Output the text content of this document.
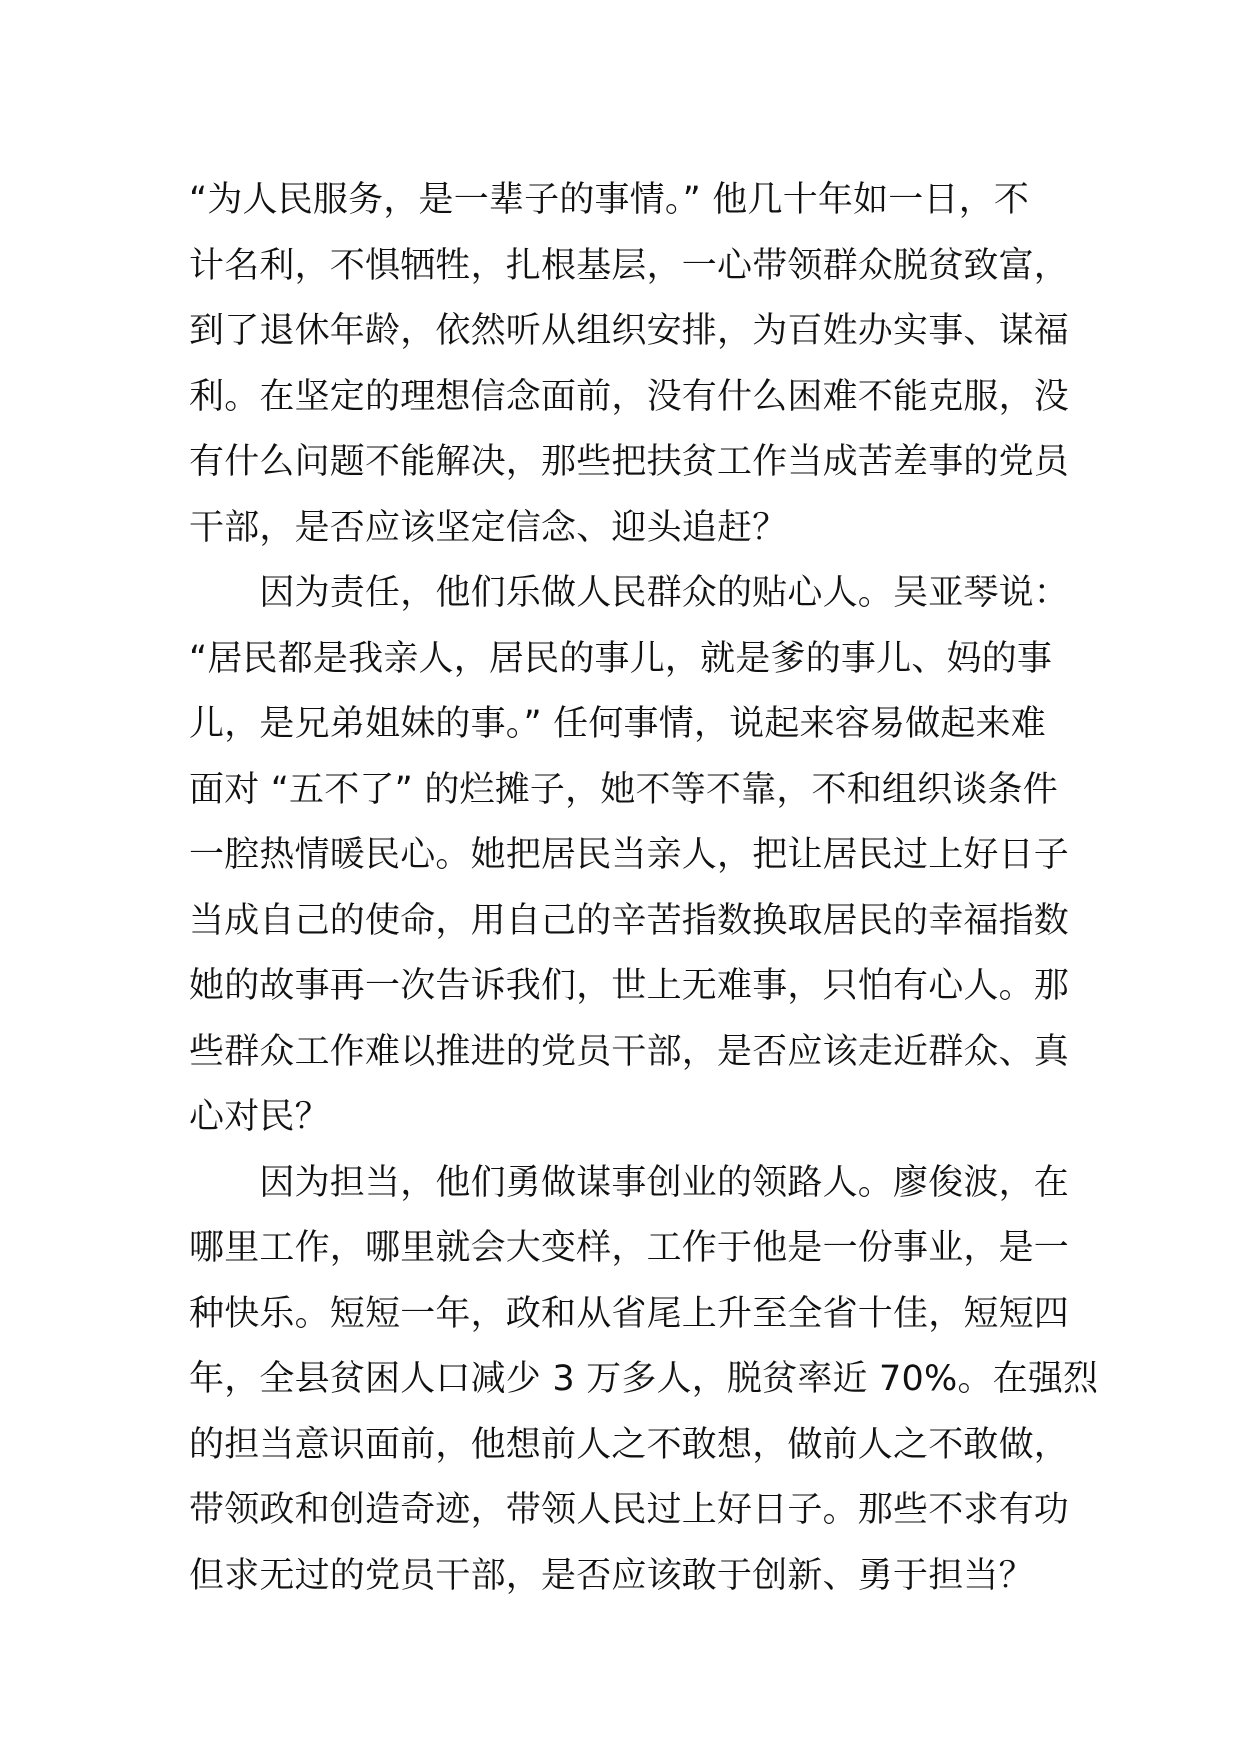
“为人民服务，是一辈子的事情。” 他几十年如一日，不
计名利，不惧牺牲，扎根基层，一心带领群众脱贫致富，
到了退休年龄，依然听从组织安排，为百姓办实事、谋福
利。在坚定的理想信念面前，没有什么困难不能克服，没
有什么问题不能解决，那些把扶贫工作当成苦差事的党员
干部，是否应该坚定信念、迎头追赶？
　　因为责任，他们乐做人民群众的贴心人。吴亚琴说：
“居民都是我亲人，居民的事儿，就是爹的事儿、妈的事
儿，是兄弟姐妹的事。” 任何事情，说起来容易做起来难
面对 “五不了” 的烂摊子，她不等不靠，不和组织谈条件
一腔热情暖民心。她把居民当亲人，把让居民过上好日子
当成自己的使命，用自己的辛苦指数换取居民的幸福指数
她的故事再一次告诉我们，世上无难事，只怕有心人。那
些群众工作难以推进的党员干部，是否应该走近群众、真
心对民？
　　因为担当，他们勇做谋事创业的领路人。廖俊波，在
哪里工作，哪里就会大变样，工作于他是一份事业，是一
种快乐。短短一年，政和从省尾上升至全省十佳，短短四
年，全县贫困人口减少 3 万多人，脱贫率近 70%。在强烈
的担当意识面前，他想前人之不敢想，做前人之不敢做，
带领政和创造奇迹，带领人民过上好日子。那些不求有功
但求无过的党员干部，是否应该敢于创新、勇于担当？
